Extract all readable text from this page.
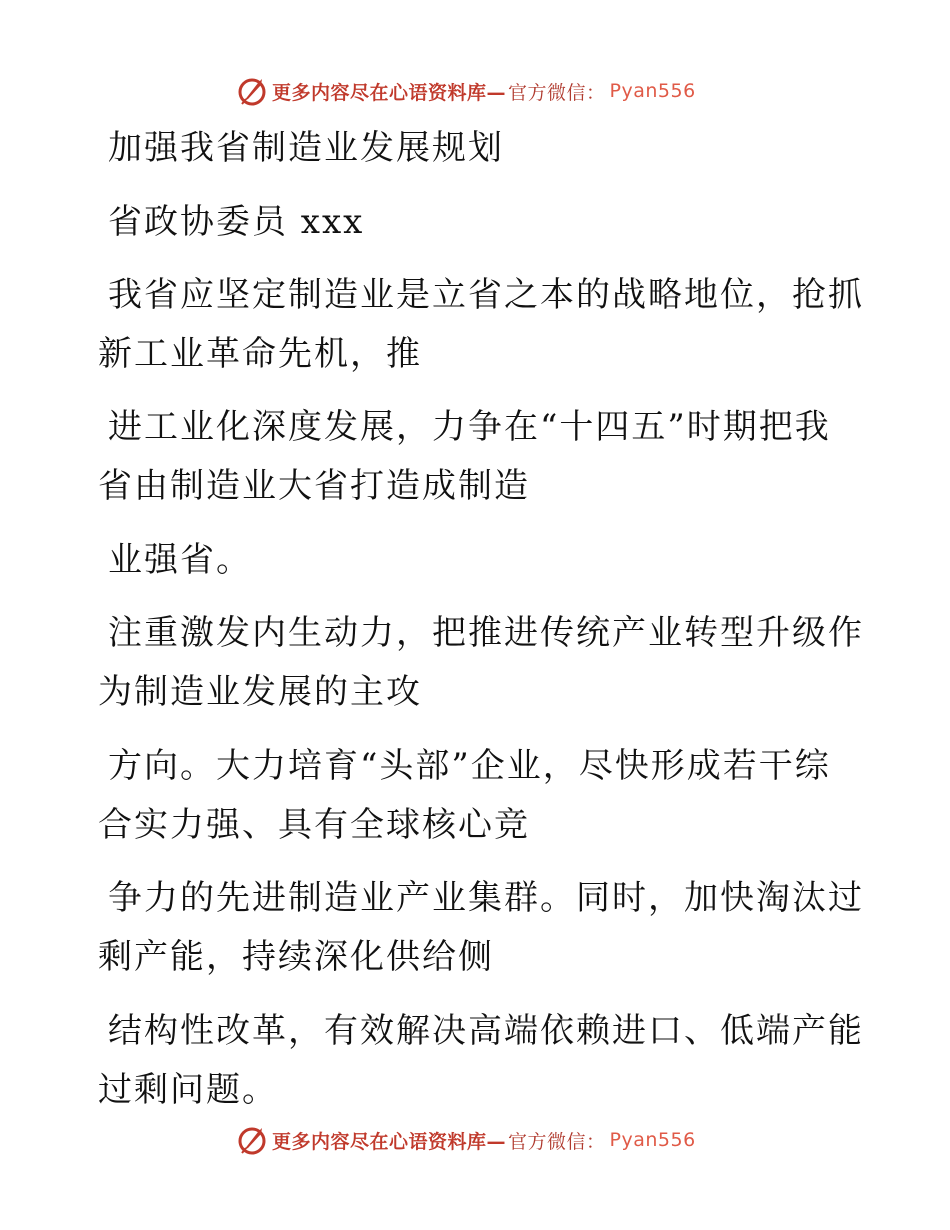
更多内容尽在心语资料库— 官方微信： Pyan556

加强我省制造业发展规划

省政协委员 xxx

我省应坚定制造业是立省之本的战略地位，抢抓

新工业革命先机，推

进工业化深度发展，力争在“十四五”时期把我

省由制造业大省打造成制造

业强省。

注重激发内生动力，把推进传统产业转型升级作

为制造业发展的主攻

方向。大力培育“头部”企业，尽快形成若干综

合实力强、具有全球核心竞

争力的先进制造业产业集群。同时，加快淘汰过

剩产能，持续深化供给侧

结构性改革，有效解决高端依赖进口、低端产能

过剩问题。

更多内容尽在心语资料库— 官方微信： Pyan556
